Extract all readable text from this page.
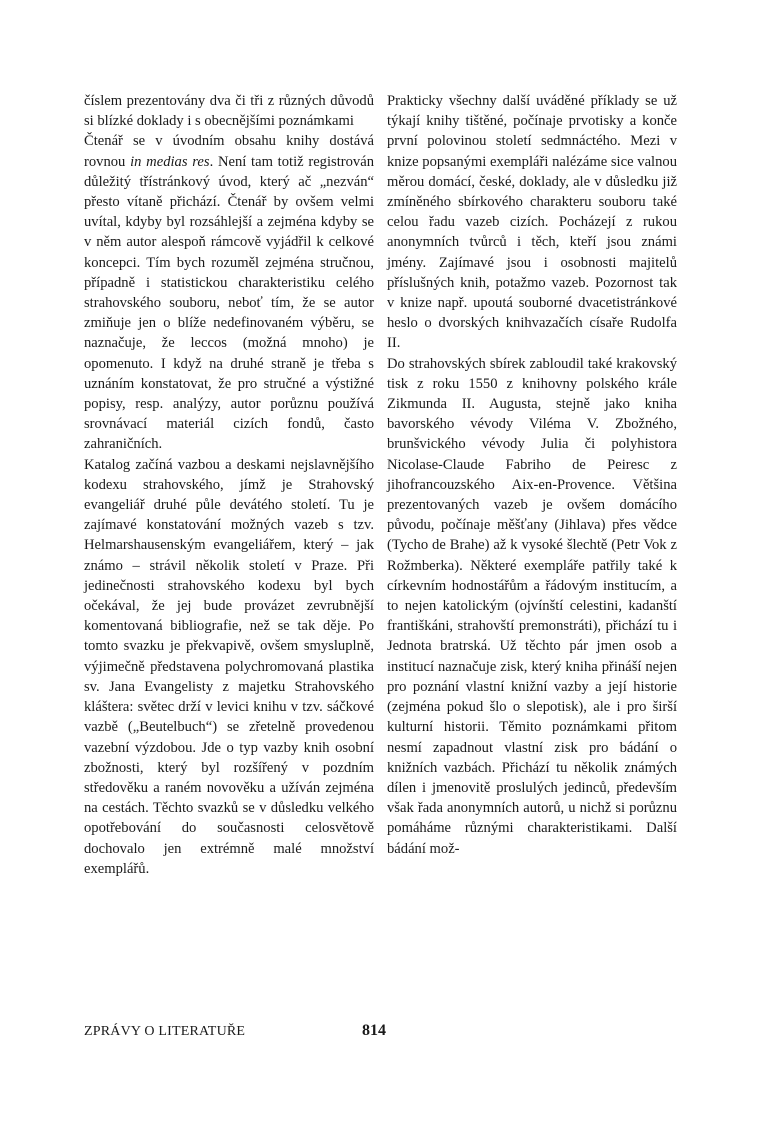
číslem prezentovány dva či tři z různých důvodů si blízké doklady i s obecnějšími poznámkami

Čtenář se v úvodním obsahu knihy dostává rovnou in medias res. Není tam totiž registrován důležitý třístránkový úvod, který ač „nezván“ přesto vítaně přichází. Čtenář by ovšem velmi uvítal, kdyby byl rozsáhlejší a zejména kdyby se v něm autor alespoň rámcově vyjádřil k celkové koncepci. Tím bych rozuměl zejména stručnou, případně i statistickou charakteristiku celého strahovského souboru, neboť tím, že se autor zmiňuje jen o blíže nedefinovaném výběru, se naznačuje, že leccos (možná mnoho) je opomenuto. I když na druhé straně je třeba s uznáním konstatovat, že pro stručné a výstižné popisy, resp. analýzy, autor porůznu používá srovnávací materiál cizích fondů, často zahraničních.

Katalog začíná vazbou a deskami nejslavnějšího kodexu strahovského, jímž je Strahovský evangeliář druhé půle devátého století. Tu je zajímavé konstatování možných vazeb s tzv. Helmarshausenským evangeliářem, který – jak známo – strávil několik století v Praze. Při jedinečnosti strahovského kodexu byl bych očekával, že jej bude provázet zevrubnější komentovaná bibliografie, než se tak děje. Po tomto svazku je překvapivě, ovšem smysluplně, výjimečně představena polychromovaná plastika sv. Jana Evangelisty z majetku Strahovského kláštera: světec drží v levici knihu v tzv. sáčkové vazbě („Beutelbuch“) se zřetelně provedenou vazební výzdobou. Jde o typ vazby knih osobní zbožnosti, který byl rozšířený v pozdním středověku a raném novověku a užíván zejména na cestách. Těchto svazků se v důsledku velkého opotřebování do současnosti celosvětově dochovalo jen extrémně malé množství exemplářů.

Prakticky všechny další uváděné příklady se už týkají knihy tištěné, počínaje prvotisky a konče první polovinou století sedmnáctého. Mezi v knize popsanými exempláři nalézáme sice valnou měrou domácí, české, doklady, ale v důsledku již zmíněného sbírkového charakteru souboru také celou řadu vazeb cizích. Pocházejí z rukou anonymních tvůrců i těch, kteří jsou známi jmény. Zajímavé jsou i osobnosti majitelů příslušných knih, potažmo vazeb. Pozornost tak v knize např. upoutá souborné dvacetistránkové heslo o dvorských knihvazačích císaře Rudolfa II.

Do strahovských sbírek zabloudil také krakovský tisk z roku 1550 z knihovny polského krále Zikmunda II. Augusta, stejně jako kniha bavorského vévody Viléma V. Zbožného, brunšvického vévody Julia či polyhistora Nicolase-Claude Fabriho de Peiresc z jihofrancouzského Aix-en-Provence. Většina prezentovaných vazeb je ovšem domácího původu, počínaje měšťany (Jihlava) přes vědce (Tycho de Brahe) až k vysoké šlechtě (Petr Vok z Rožmberka). Některé exempláře patřily také k církevním hodnostářům a řádovým institucím, a to nejen katolickým (ojvínští celestini, kadanští františkáni, strahovští premonstráti), přichází tu i Jednota bratrská. Už těchto pár jmen osob a institucí naznačuje zisk, který kniha přináší nejen pro poznání vlastní knižní vazby a její historie (zejména pokud šlo o slepotisk), ale i pro širší kulturní historii. Těmito poznámkami přitom nesmí zapadnout vlastní zisk pro bádání o knižních vazbách. Přichází tu několik známých dílen i jmenovitě proslulých jedinců, především však řada anonymních autorů, u nichž si porůznu pomáháme různými charakteristikami. Další bádání mož-

ZPRÁVY O LITERATUŘE	814
